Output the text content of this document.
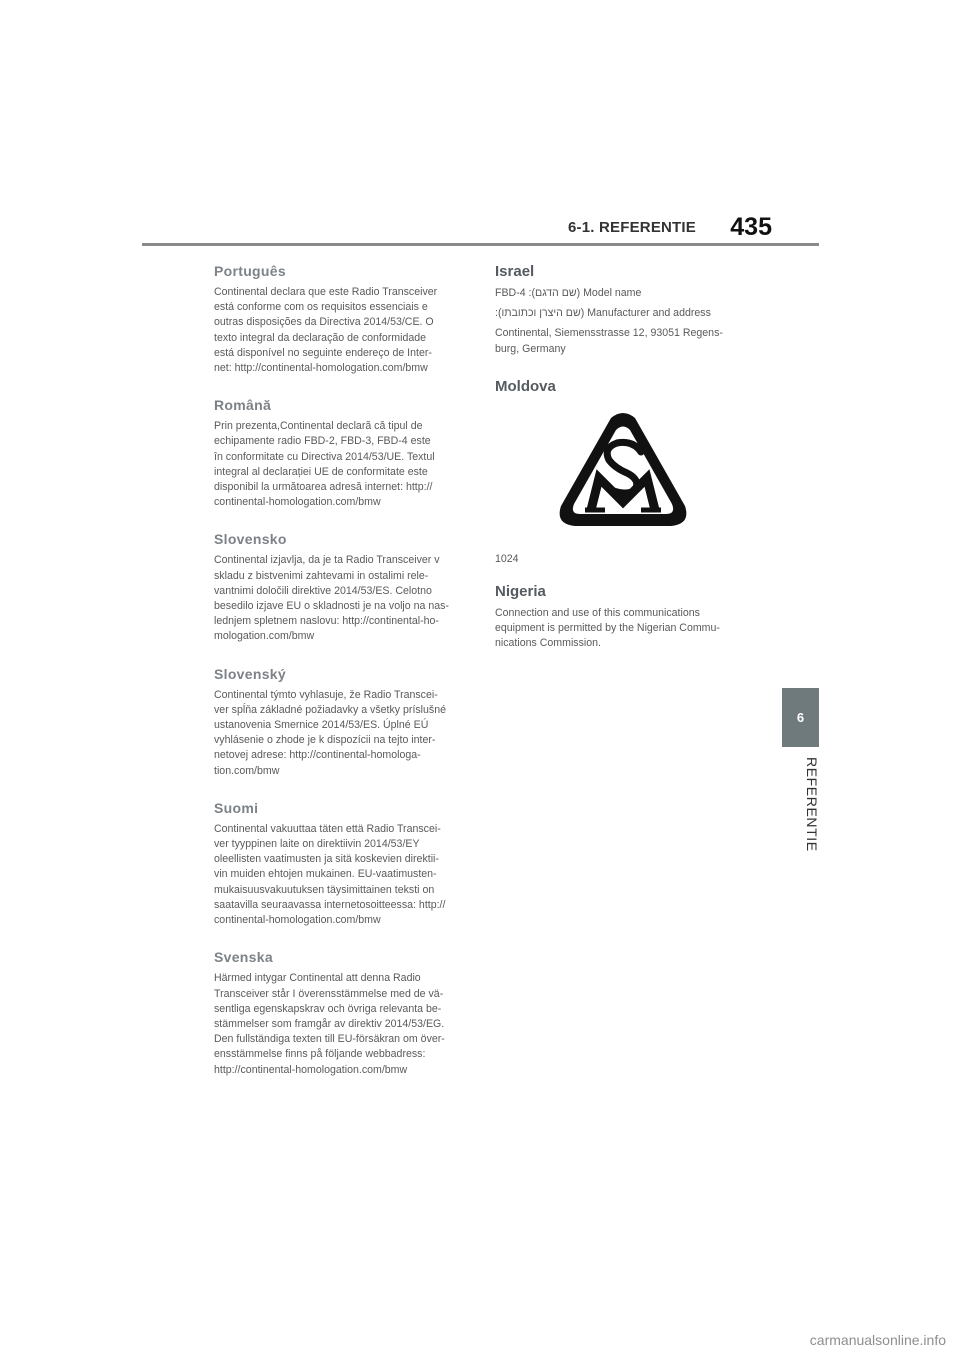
6-1. REFERENTIE 435
6
REFERENTIE
Português

Continental declara que este Radio Transceiver
está conforme com os requisitos essenciais e
outras disposições da Directiva 2014/53/CE. O
texto integral da declaração de conformidade
está disponível no seguinte endereço de Inter-
net: http://continental-homologation.com/bmw

Română

Prin prezenta,Continental declară că tipul de
echipamente radio FBD-2, FBD-3, FBD-4 este
în conformitate cu Directiva 2014/53/UE. Textul
integral al declarației UE de conformitate este
disponibil la următoarea adresă internet: http://
continental-homologation.com/bmw

Slovensko

Continental izjavlja, da je ta Radio Transceiver v
skladu z bistvenimi zahtevami in ostalimi rele-
vantnimi določili direktive 2014/53/ES. Celotno
besedilo izjave EU o skladnosti je na voljo na nas-
lednjem spletnem naslovu: http://continental-ho-
mologation.com/bmw

Slovenský

Continental týmto vyhlasuje, že Radio Transcei-
ver spĺňa základné požiadavky a všetky príslušné
ustanovenia Smernice 2014/53/ES. Úplné EÚ
vyhlásenie o zhode je k dispozícii na tejto inter-
netovej adrese: http://continental-homologa-
tion.com/bmw

Suomi

Continental vakuuttaa täten että Radio Transcei-
ver tyyppinen laite on direktiivin 2014/53/EY
oleellisten vaatimusten ja sitä koskevien direktii-
vin muiden ehtojen mukainen. EU-vaatimusten-
mukaisuusvakuutuksen täysimittainen teksti on
saatavilla seuraavassa internetosoitteessa: http://
continental-homologation.com/bmw

Svenska

Härmed intygar Continental att denna Radio
Transceiver står I överensstämmelse med de vä-
sentliga egenskapskrav och övriga relevanta be-
stämmelser som framgår av direktiv 2014/53/EG.
Den fullständiga texten till EU-försäkran om över-
ensstämmelse finns på följande webbadress:
http://continental-homologation.com/bmw

Israel

FBD-4 :(שם הדגם) Model name

:(שם היצרן וכתובתו) Manufacturer and address

Continental, Siemensstrasse 12, 93051 Regens-
burg, Germany

Moldova

1024

Nigeria

Connection and use of this communications
equipment is permitted by the Nigerian Commu-
nications Commission.

carmanualsonline.info
